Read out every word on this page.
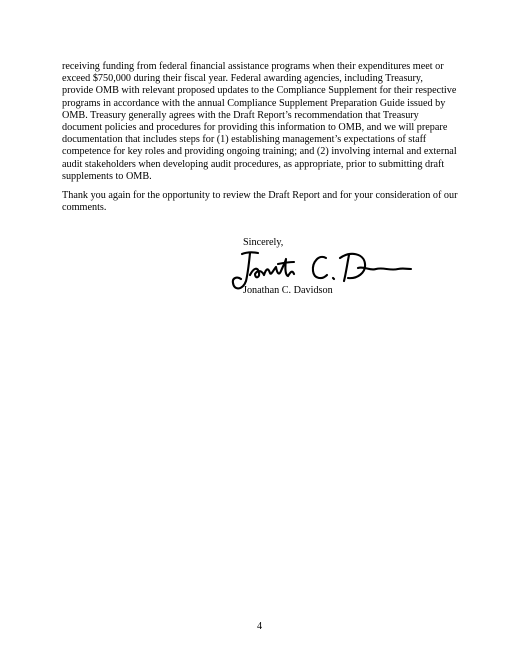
receiving funding from federal financial assistance programs when their expenditures meet or
exceed $750,000 during their fiscal year. Federal awarding agencies, including Treasury,
provide OMB with relevant proposed updates to the Compliance Supplement for their respective
programs in accordance with the annual Compliance Supplement Preparation Guide issued by
OMB. Treasury generally agrees with the Draft Report’s recommendation that Treasury
document policies and procedures for providing this information to OMB, and we will prepare
documentation that includes steps for (1) establishing management’s expectations of staff
competence for key roles and providing ongoing training; and (2) involving internal and external
audit stakeholders when developing audit procedures, as appropriate, prior to submitting draft
supplements to OMB.

Thank you again for the opportunity to review the Draft Report and for your consideration of our
comments.

Sincerely,
Jonathan C. Davidson
4
